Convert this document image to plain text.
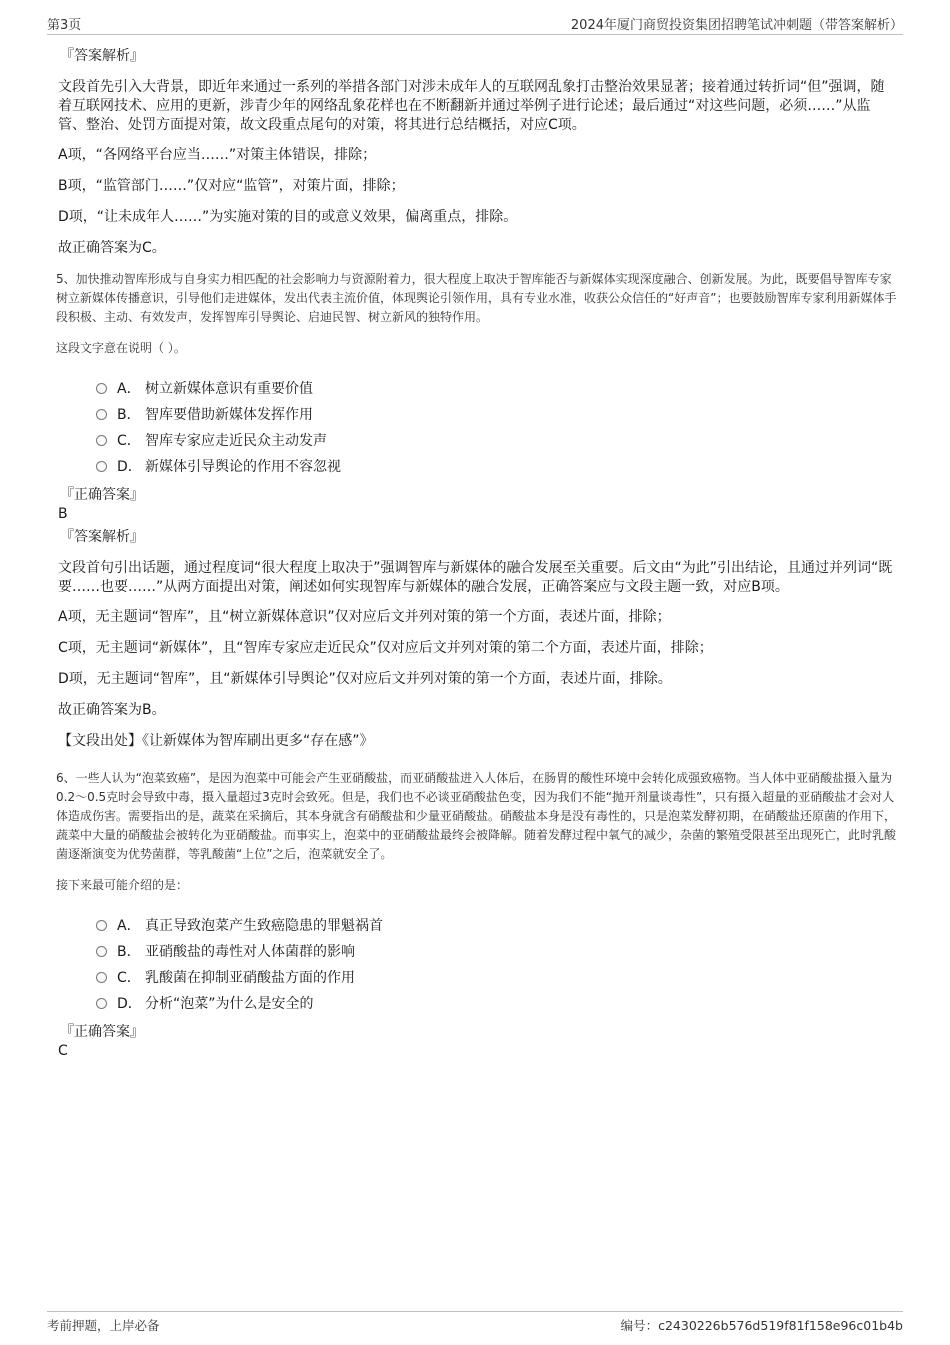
第3页	2024年厦门商贸投资集团招聘笔试冲刺题（带答案解析）
『答案解析』

文段首先引入大背景，即近年来通过一系列的举措各部门对涉未成年人的互联网乱象打击整治效果显著；接着通过转折词“但”强调，随着互联网技术、应用的更新，涉青少年的网络乱象花样也在不断翻新并通过举例子进行论述；最后通过“对这些问题，必须……”从监管、整治、处罚方面提对策，故文段重点尾句的对策，将其进行总结概括，对应C项。

A项，“各网络平台应当……”对策主体错误，排除；

B项，“监管部门……”仅对应“监管”，对策片面，排除；

D项，“让未成年人……”为实施对策的目的或意义效果，偏离重点，排除。

故正确答案为C。

5、加快推动智库形成与自身实力相匹配的社会影响力与资源附着力，很大程度上取决于智库能否与新媒体实现深度融合、创新发展。为此，既要倡导智库专家树立新媒体传播意识，引导他们走进媒体，发出代表主流价值，体现舆论引领作用，具有专业水准，收获公众信任的“好声音”；也要鼓励智库专家利用新媒体手段积极、主动、有效发声，发挥智库引导舆论、启迪民智、树立新风的独特作用。

这段文字意在说明（ ）。

A． 树立新媒体意识有重要价值
B． 智库要借助新媒体发挥作用
C． 智库专家应走近民众主动发声
D． 新媒体引导舆论的作用不容忽视
『正确答案』
B
『答案解析』

文段首句引出话题，通过程度词“很大程度上取决于”强调智库与新媒体的融合发展至关重要。后文由“为此”引出结论，且通过并列词“既要……也要……”从两方面提出对策，阐述如何实现智库与新媒体的融合发展，正确答案应与文段主题一致，对应B项。

A项，无主题词“智库”，且“树立新媒体意识”仅对应后文并列对策的第一个方面，表述片面，排除；

C项，无主题词“新媒体”，且“智库专家应走近民众”仅对应后文并列对策的第二个方面，表述片面，排除；

D项，无主题词“智库”，且“新媒体引导舆论”仅对应后文并列对策的第一个方面，表述片面，排除。

故正确答案为B。

【文段出处】《让新媒体为智库刷出更多“存在感”》

6、一些人认为“泡菜致癌”，是因为泡菜中可能会产生亚硝酸盐，而亚硝酸盐进入人体后，在肠胃的酸性环境中会转化成强致癌物。当人体中亚硝酸盐摄入量为0.2～0.5克时会导致中毒，摄入量超过3克时会致死。但是，我们也不必谈亚硝酸盐色变，因为我们不能“抛开剂量谈毒性”，只有摄入超量的亚硝酸盐才会对人体造成伤害。需要指出的是，蔬菜在采摘后，其本身就含有硝酸盐和少量亚硝酸盐。硝酸盐本身是没有毒性的，只是泡菜发酵初期，在硝酸盐还原菌的作用下，蔬菜中大量的硝酸盐会被转化为亚硝酸盐。而事实上，泡菜中的亚硝酸盐最终会被降解。随着发酵过程中氧气的减少，杂菌的繁殖受限甚至出现死亡，此时乳酸菌逐渐演变为优势菌群，等乳酸菌“上位”之后，泡菜就安全了。

接下来最可能介绍的是：

A． 真正导致泡菜产生致癌隐患的罪魁祸首
B． 亚硝酸盐的毒性对人体菌群的影响
C． 乳酸菌在抑制亚硝酸盐方面的作用
D． 分析“泡菜”为什么是安全的
『正确答案』
C
考前押题，上岸必备	编号：c2430226b576d519f81f158e96c01b4b
